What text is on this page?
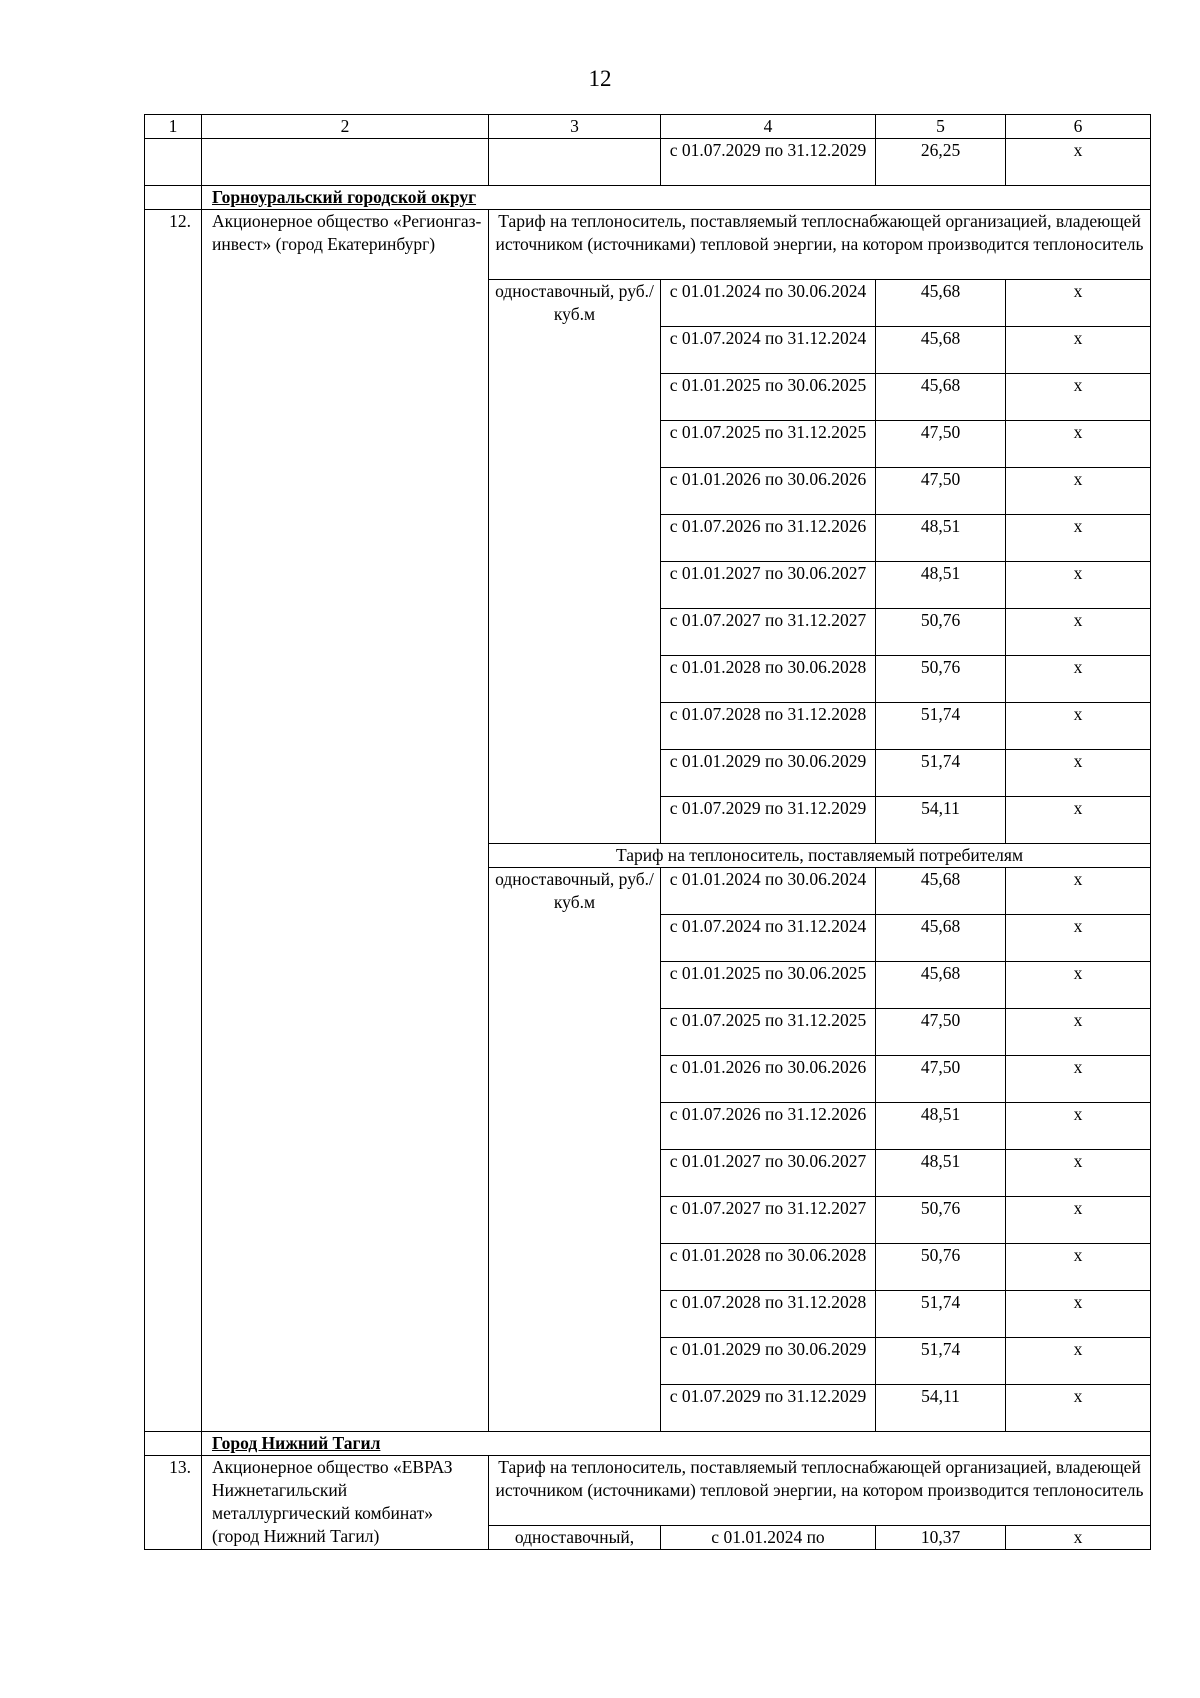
12
1	2	3	4	5	6
			с 01.07.2029 по 31.12.2029	26,25	х
	Горноуральский городской округ				
12.	Акционерное общество «Регионгаз-инвест» (город Екатеринбург)	Тариф на теплоноситель, поставляемый теплоснабжающей организацией, владеющей источником (источниками) тепловой энергии, на котором производится теплоноситель			
		одноставочный, руб./куб.м	с 01.01.2024 по 30.06.2024	45,68	х
			с 01.07.2024 по 31.12.2024	45,68	х
			с 01.01.2025 по 30.06.2025	45,68	х
			с 01.07.2025 по 31.12.2025	47,50	х
			с 01.01.2026 по 30.06.2026	47,50	х
			с 01.07.2026 по 31.12.2026	48,51	х
			с 01.01.2027 по 30.06.2027	48,51	х
			с 01.07.2027 по 31.12.2027	50,76	х
			с 01.01.2028 по 30.06.2028	50,76	х
			с 01.07.2028 по 31.12.2028	51,74	х
			с 01.01.2029 по 30.06.2029	51,74	х
			с 01.07.2029 по 31.12.2029	54,11	х
		Тариф на теплоноситель, поставляемый потребителям			
		одноставочный, руб./куб.м	с 01.01.2024 по 30.06.2024	45,68	х
			с 01.07.2024 по 31.12.2024	45,68	х
			с 01.01.2025 по 30.06.2025	45,68	х
			с 01.07.2025 по 31.12.2025	47,50	х
			с 01.01.2026 по 30.06.2026	47,50	х
			с 01.07.2026 по 31.12.2026	48,51	х
			с 01.01.2027 по 30.06.2027	48,51	х
			с 01.07.2027 по 31.12.2027	50,76	х
			с 01.01.2028 по 30.06.2028	50,76	х
			с 01.07.2028 по 31.12.2028	51,74	х
			с 01.01.2029 по 30.06.2029	51,74	х
			с 01.07.2029 по 31.12.2029	54,11	х
	Город Нижний Тагил				
13.	Акционерное общество «ЕВРАЗ Нижнетагильский металлургический комбинат» (город Нижний Тагил)	Тариф на теплоноситель, поставляемый теплоснабжающей организацией, владеющей источником (источниками) тепловой энергии, на котором производится теплоноситель			
		одноставочный,	с 01.01.2024 по	10,37	х
